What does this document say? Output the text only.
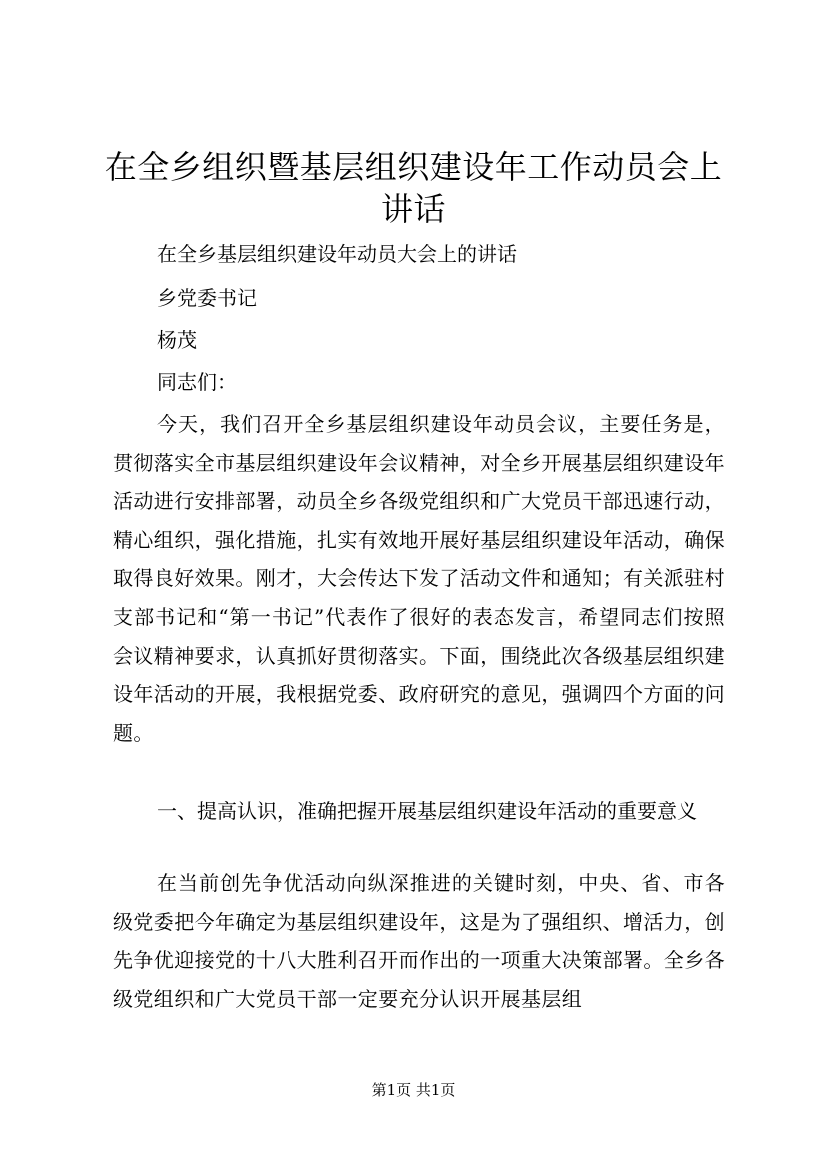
在全乡组织暨基层组织建设年工作动员会上讲话

在全乡基层组织建设年动员大会上的讲话

乡党委书记

杨茂

同志们：

今天，我们召开全乡基层组织建设年动员会议，主要任务是，贯彻落实全市基层组织建设年会议精神，对全乡开展基层组织建设年活动进行安排部署，动员全乡各级党组织和广大党员干部迅速行动，精心组织，强化措施，扎实有效地开展好基层组织建设年活动，确保取得良好效果。刚才，大会传达下发了活动文件和通知；有关派驻村支部书记和“第一书记”代表作了很好的表态发言，希望同志们按照会议精神要求，认真抓好贯彻落实。下面，围绕此次各级基层组织建设年活动的开展，我根据党委、政府研究的意见，强调四个方面的问题。

一、提高认识，准确把握开展基层组织建设年活动的重要意义

在当前创先争优活动向纵深推进的关键时刻，中央、省、市各级党委把今年确定为基层组织建设年，这是为了强组织、增活力，创先争优迎接党的十八大胜利召开而作出的一项重大决策部署。全乡各级党组织和广大党员干部一定要充分认识开展基层组

第1页 共1页
